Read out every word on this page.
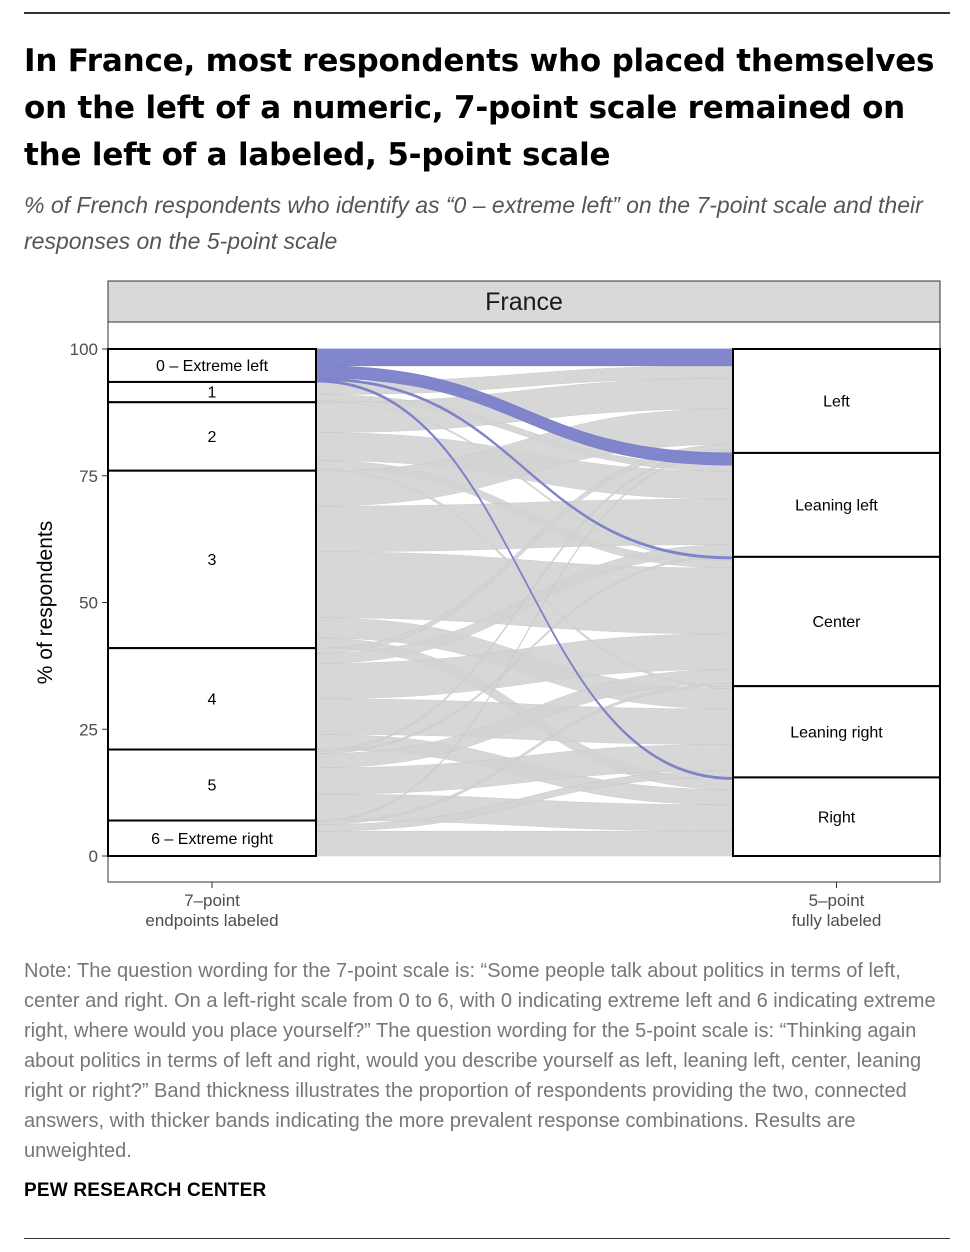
In France, most respondents who placed themselves on the left of a numeric, 7-point scale remained on the left of a labeled, 5-point scale

% of French respondents who identify as “0 – extreme left” on the 7-point scale and their responses on the 5-point scale

France
0
25
50
75
100
% of respondents
0 – Extreme left
1
2
3
4
5
6 – Extreme right
Left
Leaning left
Center
Leaning right
Right
7–point endpoints labeled
5–point fully labeled

Note: The question wording for the 7-point scale is: “Some people talk about politics in terms of left, center and right. On a left-right scale from 0 to 6, with 0 indicating extreme left and 6 indicating extreme right, where would you place yourself?” The question wording for the 5-point scale is: “Thinking again about politics in terms of left and right, would you describe yourself as left, leaning left, center, leaning right or right?” Band thickness illustrates the proportion of respondents providing the two, connected answers, with thicker bands indicating the more prevalent response combinations. Results are unweighted.

PEW RESEARCH CENTER
